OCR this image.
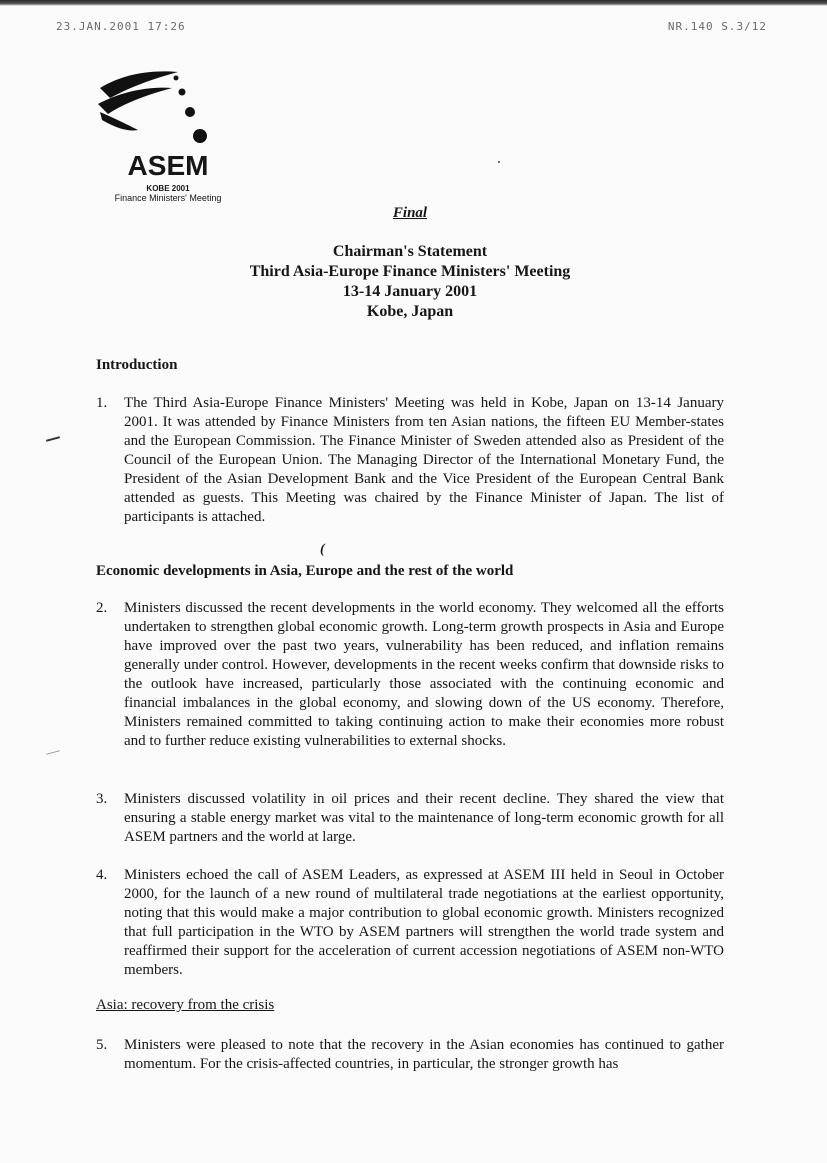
23.JAN.2001 17:26	NR.140 S.3/12
ASEM
KOBE 2001
Finance Ministers' Meeting
Final
Chairman's Statement
Third Asia-Europe Finance Ministers' Meeting
13-14 January 2001
Kobe, Japan
Introduction
1. The Third Asia-Europe Finance Ministers' Meeting was held in Kobe, Japan on 13-14 January 2001. It was attended by Finance Ministers from ten Asian nations, the fifteen EU Member-states and the European Commission. The Finance Minister of Sweden attended also as President of the Council of the European Union. The Managing Director of the International Monetary Fund, the President of the Asian Development Bank and the Vice President of the European Central Bank attended as guests. This Meeting was chaired by the Finance Minister of Japan. The list of participants is attached.
(
Economic developments in Asia, Europe and the rest of the world
2. Ministers discussed the recent developments in the world economy. They welcomed all the efforts undertaken to strengthen global economic growth. Long-term growth prospects in Asia and Europe have improved over the past two years, vulnerability has been reduced, and inflation remains generally under control. However, developments in the recent weeks confirm that downside risks to the outlook have increased, particularly those associated with the continuing economic and financial imbalances in the global economy, and slowing down of the US economy. Therefore, Ministers remained committed to taking continuing action to make their economies more robust and to further reduce existing vulnerabilities to external shocks.
3. Ministers discussed volatility in oil prices and their recent decline. They shared the view that ensuring a stable energy market was vital to the maintenance of long-term economic growth for all ASEM partners and the world at large.
4. Ministers echoed the call of ASEM Leaders, as expressed at ASEM III held in Seoul in October 2000, for the launch of a new round of multilateral trade negotiations at the earliest opportunity, noting that this would make a major contribution to global economic growth. Ministers recognized that full participation in the WTO by ASEM partners will strengthen the world trade system and reaffirmed their support for the acceleration of current accession negotiations of ASEM non-WTO members.
Asia: recovery from the crisis
5. Ministers were pleased to note that the recovery in the Asian economies has continued to gather momentum. For the crisis-affected countries, in particular, the stronger growth has
